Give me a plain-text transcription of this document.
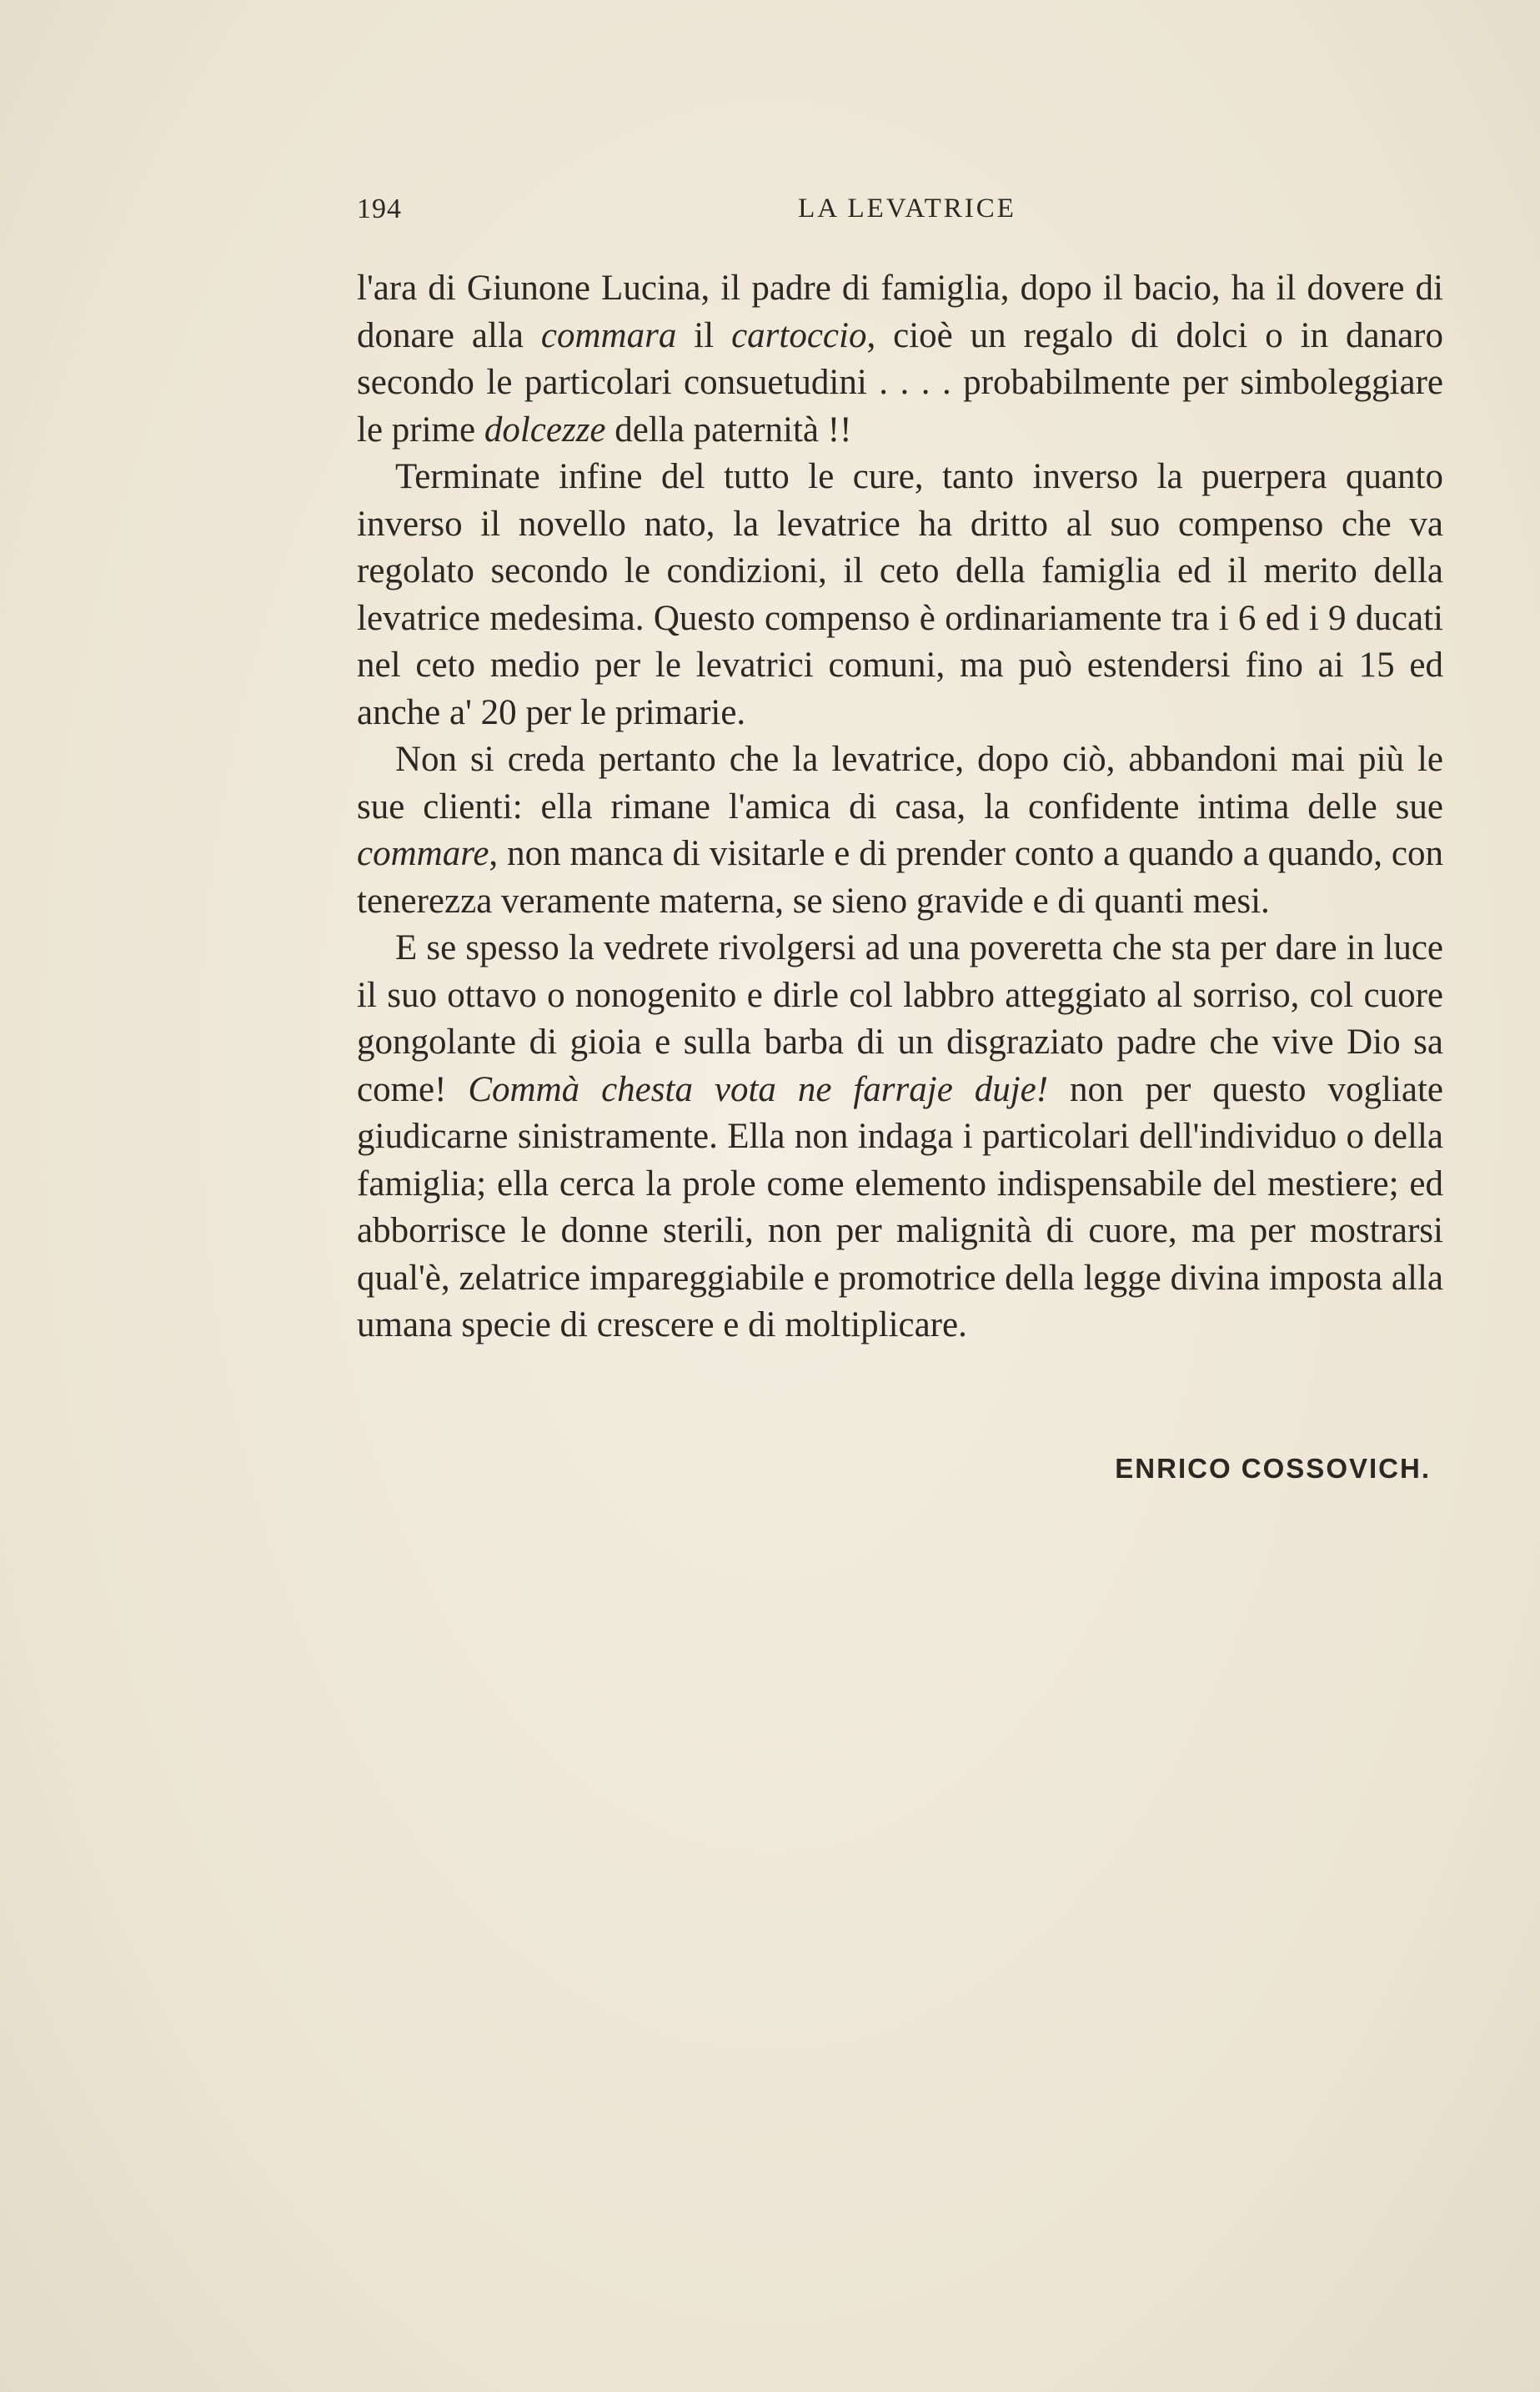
194	LA LEVATRICE

l'ara di Giunone Lucina, il padre di famiglia, dopo il bacio, ha il dovere di donare alla commara il cartoccio, cioè un regalo di dolci o in danaro secondo le particolari consuetudini . . . . probabilmente per simboleggiare le prime dolcezze della paternità !!

Terminate infine del tutto le cure, tanto inverso la puerpera quanto inverso il novello nato, la levatrice ha dritto al suo compenso che va regolato secondo le condizioni, il ceto della famiglia ed il merito della levatrice medesima. Questo compenso è ordinariamente tra i 6 ed i 9 ducati nel ceto medio per le levatrici comuni, ma può estendersi fino ai 15 ed anche a' 20 per le primarie.

Non si creda pertanto che la levatrice, dopo ciò, abbandoni mai più le sue clienti: ella rimane l'amica di casa, la confidente intima delle sue commare, non manca di visitarle e di prender conto a quando a quando, con tenerezza veramente materna, se sieno gravide e di quanti mesi.

E se spesso la vedrete rivolgersi ad una poveretta che sta per dare in luce il suo ottavo o nonogenito e dirle col labbro atteggiato al sorriso, col cuore gongolante di gioia e sulla barba di un disgraziato padre che vive Dio sa come! Commà chesta vota ne farraje duje! non per questo vogliate giudicarne sinistramente. Ella non indaga i particolari dell'individuo o della famiglia; ella cerca la prole come elemento indispensabile del mestiere; ed abborrisce le donne sterili, non per malignità di cuore, ma per mostrarsi qual'è, zelatrice impareggiabile e promotrice della legge divina imposta alla umana specie di crescere e di moltiplicare.

ENRICO COSSOVICH.
